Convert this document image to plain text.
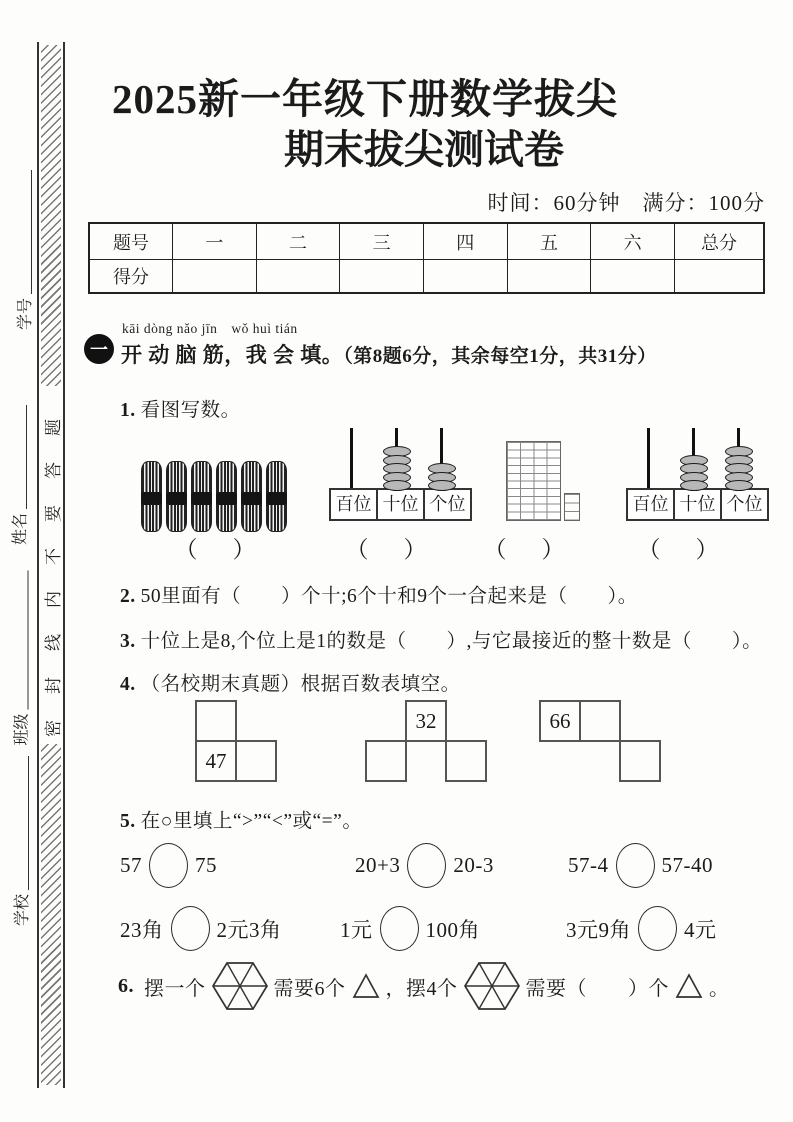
学号
姓名
班级
学校
密封线内不要答题
2025新一年级下册数学拔尖
期末拔尖测试卷
时间：60分钟　满分：100分
题号	一	二	三	四	五	六	总分
得分							
一
kāi dòng nǎo jīn　wǒ huì tián
开 动 脑 筋，我 会 填。（第8题6分，其余每空1分，共31分）
1. 看图写数。
百位 十位 个位	百位 十位 个位
（　）	（　） （　）	（　）
2. 50里面有（　　）个十;6个十和9个一合起来是（　　）。
3. 十位上是8,个位上是1的数是（　　）,与它最接近的整十数是（　　）。
4. （名校期末真题）根据百数表填空。
47
32	66
5. 在○里填上“>”“<”或“=”。
57	75	20+3	20-3	57-4	57-40
23角	2元3角	1元	100角	3元9角	4元
6. 摆一个	需要6个 ，摆4个	需要（　　）个 。
